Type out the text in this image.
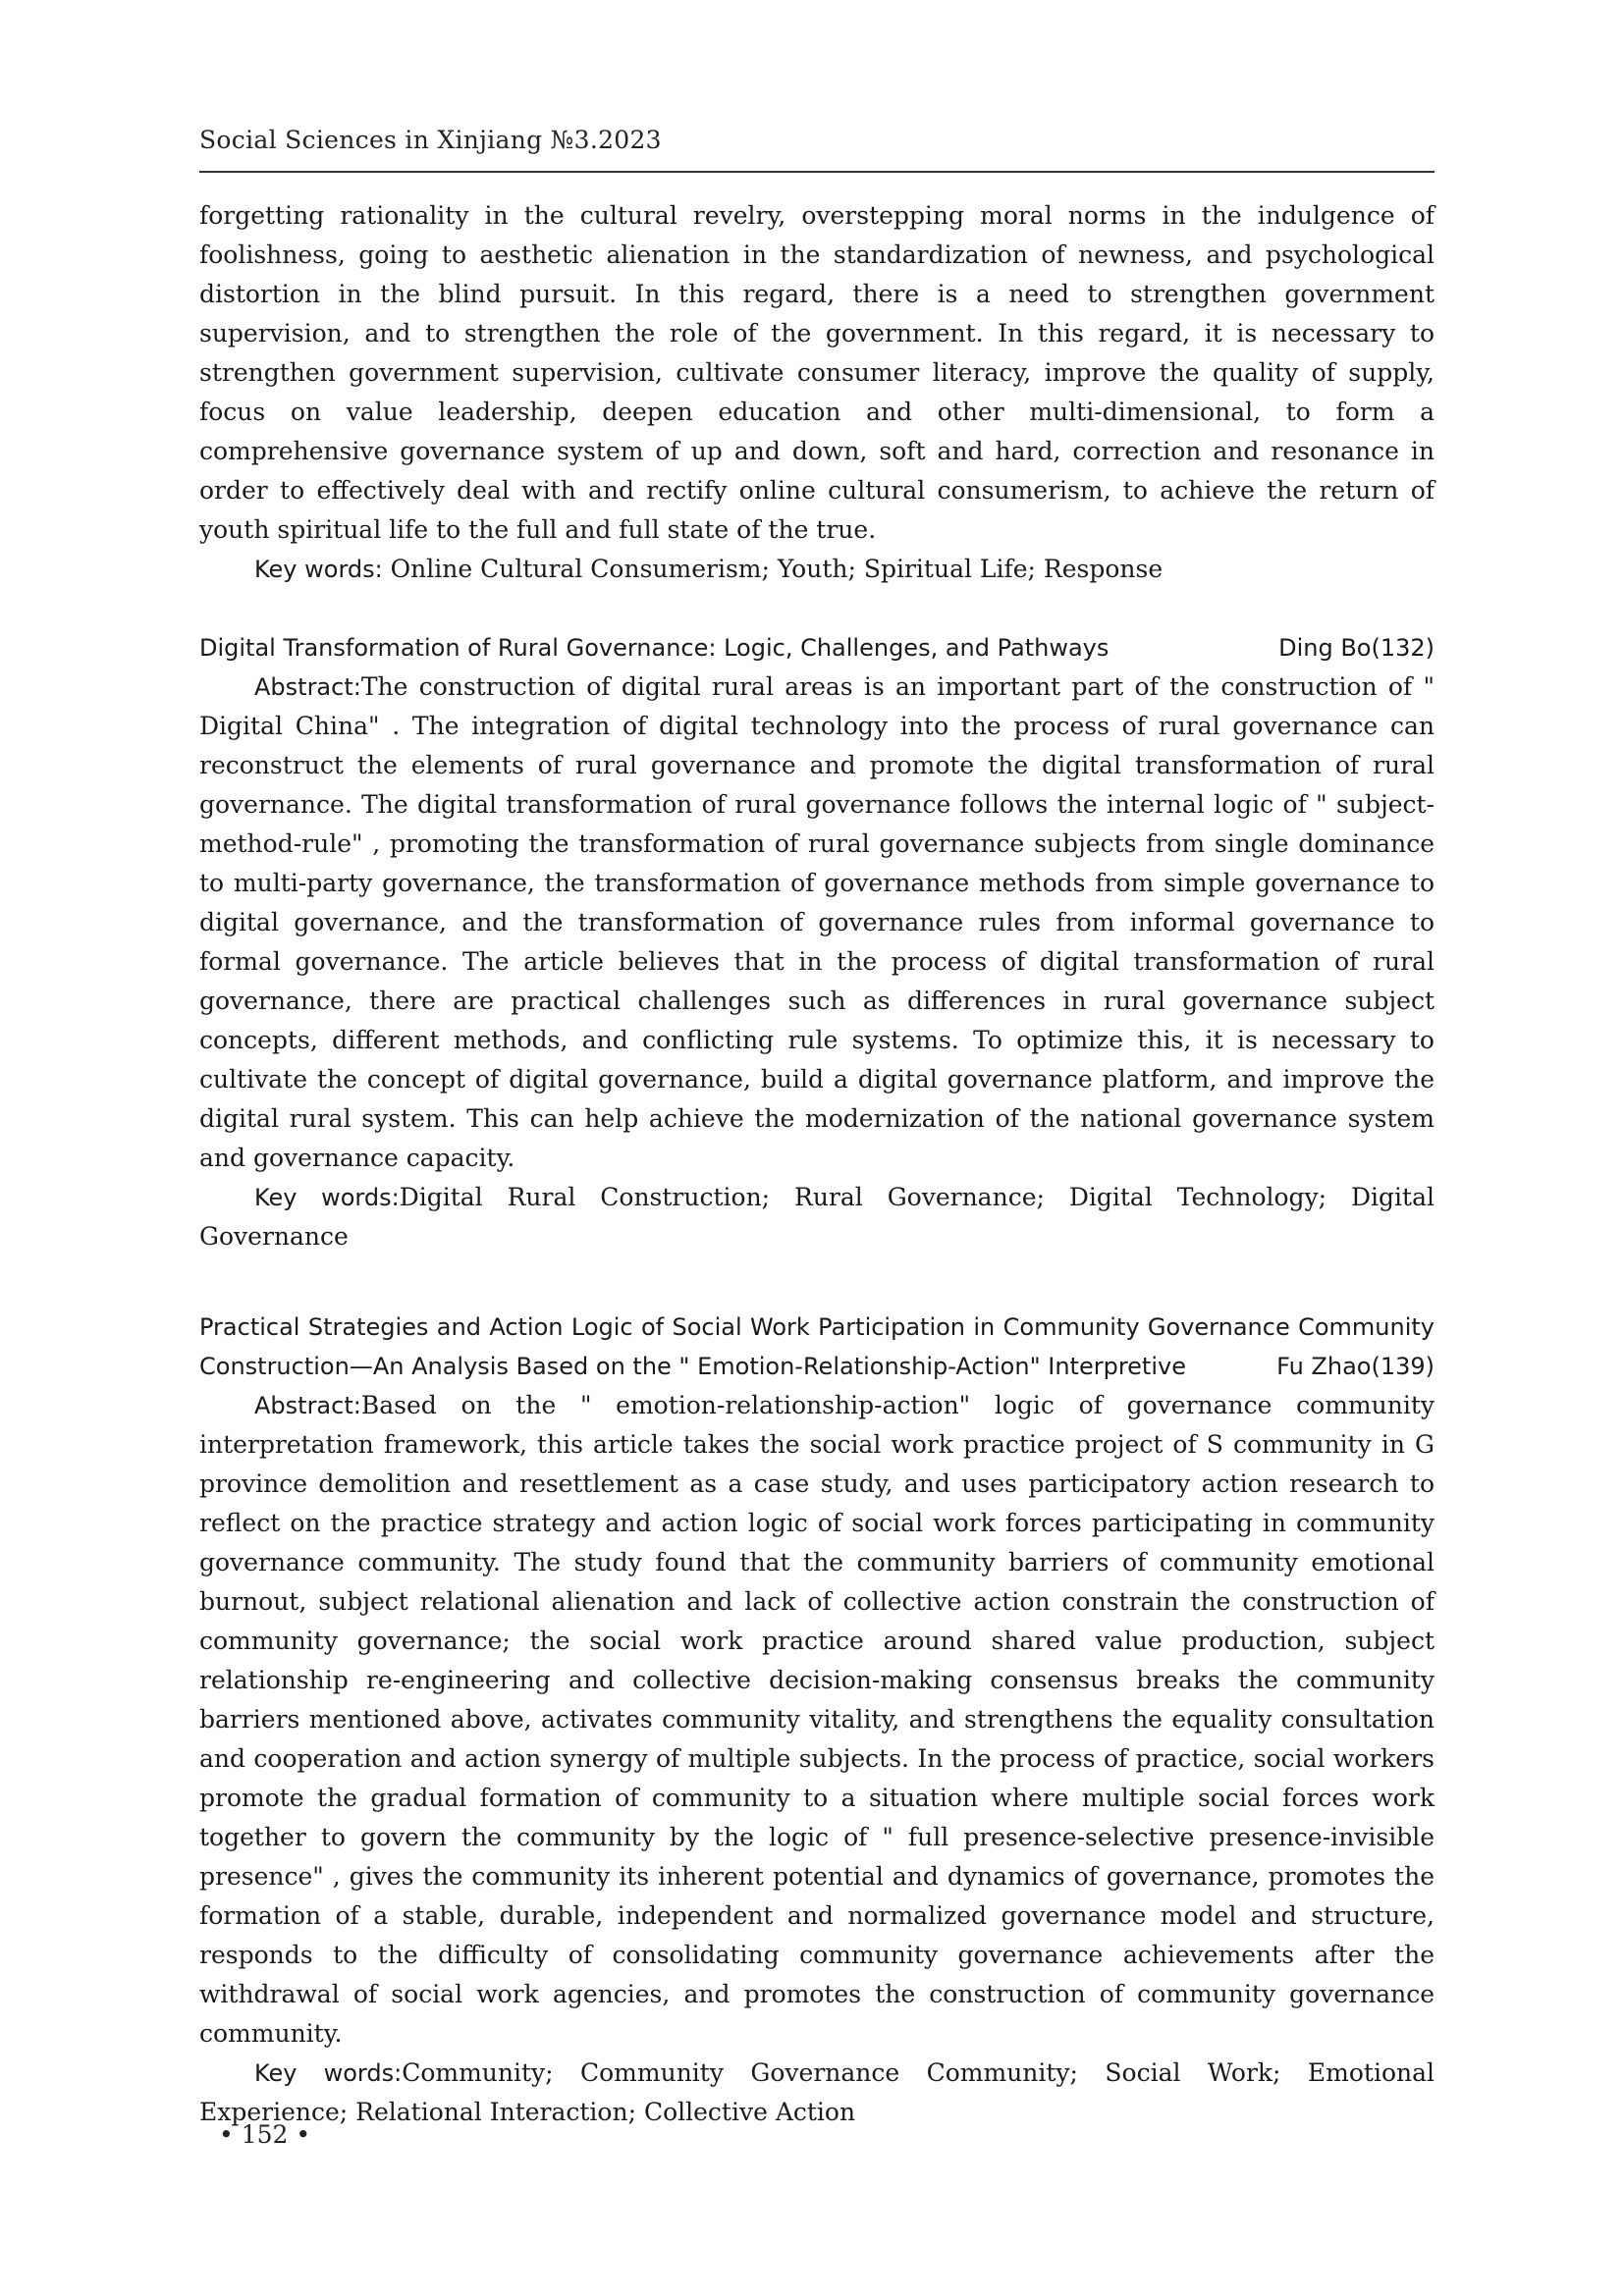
Social Sciences in Xinjiang №3.2023

forgetting rationality in the cultural revelry, overstepping moral norms in the indulgence of foolishness, going to aesthetic alienation in the standardization of newness, and psychological distortion in the blind pursuit. In this regard, there is a need to strengthen government supervision, and to strengthen the role of the government. In this regard, it is necessary to strengthen government supervision, cultivate consumer literacy, improve the quality of supply, focus on value leadership, deepen education and other multi-dimensional, to form a comprehensive governance system of up and down, soft and hard, correction and resonance in order to effectively deal with and rectify online cultural consumerism, to achieve the return of youth spiritual life to the full and full state of the true.

Key words: Online Cultural Consumerism; Youth; Spiritual Life; Response

Digital Transformation of Rural Governance: Logic, Challenges, and Pathways	Ding Bo(132)

Abstract:The construction of digital rural areas is an important part of the construction of " Digital China" . The integration of digital technology into the process of rural governance can reconstruct the elements of rural governance and promote the digital transformation of rural governance. The digital transformation of rural governance follows the internal logic of " subject-method-rule" , promoting the transformation of rural governance subjects from single dominance to multi-party governance, the transformation of governance methods from simple governance to digital governance, and the transformation of governance rules from informal governance to formal governance. The article believes that in the process of digital transformation of rural governance, there are practical challenges such as differences in rural governance subject concepts, different methods, and conflicting rule systems. To optimize this, it is necessary to cultivate the concept of digital governance, build a digital governance platform, and improve the digital rural system. This can help achieve the modernization of the national governance system and governance capacity.

Key words:Digital Rural Construction; Rural Governance; Digital Technology; Digital Governance

Practical Strategies and Action Logic of Social Work Participation in Community Governance Community Construction—An Analysis Based on the " Emotion-Relationship-Action" Interpretive	Fu Zhao(139)

Abstract:Based on the " emotion-relationship-action" logic of governance community interpretation framework, this article takes the social work practice project of S community in G province demolition and resettlement as a case study, and uses participatory action research to reflect on the practice strategy and action logic of social work forces participating in community governance community. The study found that the community barriers of community emotional burnout, subject relational alienation and lack of collective action constrain the construction of community governance; the social work practice around shared value production, subject relationship re-engineering and collective decision-making consensus breaks the community barriers mentioned above, activates community vitality, and strengthens the equality consultation and cooperation and action synergy of multiple subjects. In the process of practice, social workers promote the gradual formation of community to a situation where multiple social forces work together to govern the community by the logic of " full presence-selective presence-invisible presence" , gives the community its inherent potential and dynamics of governance, promotes the formation of a stable, durable, independent and normalized governance model and structure, responds to the difficulty of consolidating community governance achievements after the withdrawal of social work agencies, and promotes the construction of community governance community.

Key words:Community; Community Governance Community; Social Work; Emotional Experience; Relational Interaction; Collective Action

• 152 •
